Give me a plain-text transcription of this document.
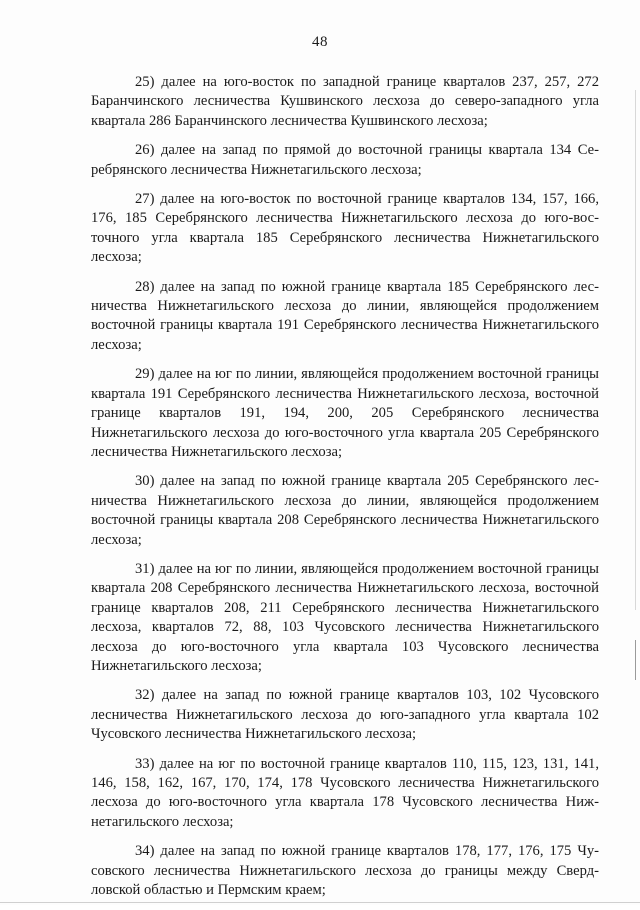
48

25) далее на юго-восток по западной границе кварталов 237, 257, 272 Баранчинского лесничества Кушвинского лесхоза до северо-западного угла квартала 286 Баранчинского лесничества Кушвинского лесхоза;

26) далее на запад по прямой до восточной границы квартала 134 Серебрянского лесничества Нижнетагильского лесхоза;

27) далее на юго-восток по восточной границе кварталов 134, 157, 166, 176, 185 Серебрянского лесничества Нижнетагильского лесхоза до юго-восточного угла квартала 185 Серебрянского лесничества Нижнетагильского лесхоза;

28) далее на запад по южной границе квартала 185 Серебрянского лесничества Нижнетагильского лесхоза до линии, являющейся продолжением восточной границы квартала 191 Серебрянского лесничества Нижнетагильского лесхоза;

29) далее на юг по линии, являющейся продолжением восточной границы квартала 191 Серебрянского лесничества Нижнетагильского лесхоза, восточной границе кварталов 191, 194, 200, 205 Серебрянского лесничества Нижнетагильского лесхоза до юго-восточного угла квартала 205 Серебрянского лесничества Нижнетагильского лесхоза;

30) далее на запад по южной границе квартала 205 Серебрянского лесничества Нижнетагильского лесхоза до линии, являющейся продолжением восточной границы квартала 208 Серебрянского лесничества Нижнетагильского лесхоза;

31) далее на юг по линии, являющейся продолжением восточной границы квартала 208 Серебрянского лесничества Нижнетагильского лесхоза, восточной границе кварталов 208, 211 Серебрянского лесничества Нижнетагильского лесхоза, кварталов 72, 88, 103 Чусовского лесничества Нижнетагильского лесхоза до юго-восточного угла квартала 103 Чусовского лесничества Нижнетагильского лесхоза;

32) далее на запад по южной границе кварталов 103, 102 Чусовского лесничества Нижнетагильского лесхоза до юго-западного угла квартала 102 Чусовского лесничества Нижнетагильского лесхоза;

33) далее на юг по восточной границе кварталов 110, 115, 123, 131, 141, 146, 158, 162, 167, 170, 174, 178 Чусовского лесничества Нижнетагильского лесхоза до юго-восточного угла квартала 178 Чусовского лесничества Нижнетагильского лесхоза;

34) далее на запад по южной границе кварталов 178, 177, 176, 175 Чусовского лесничества Нижнетагильского лесхоза до границы между Свердловской областью и Пермским краем;
